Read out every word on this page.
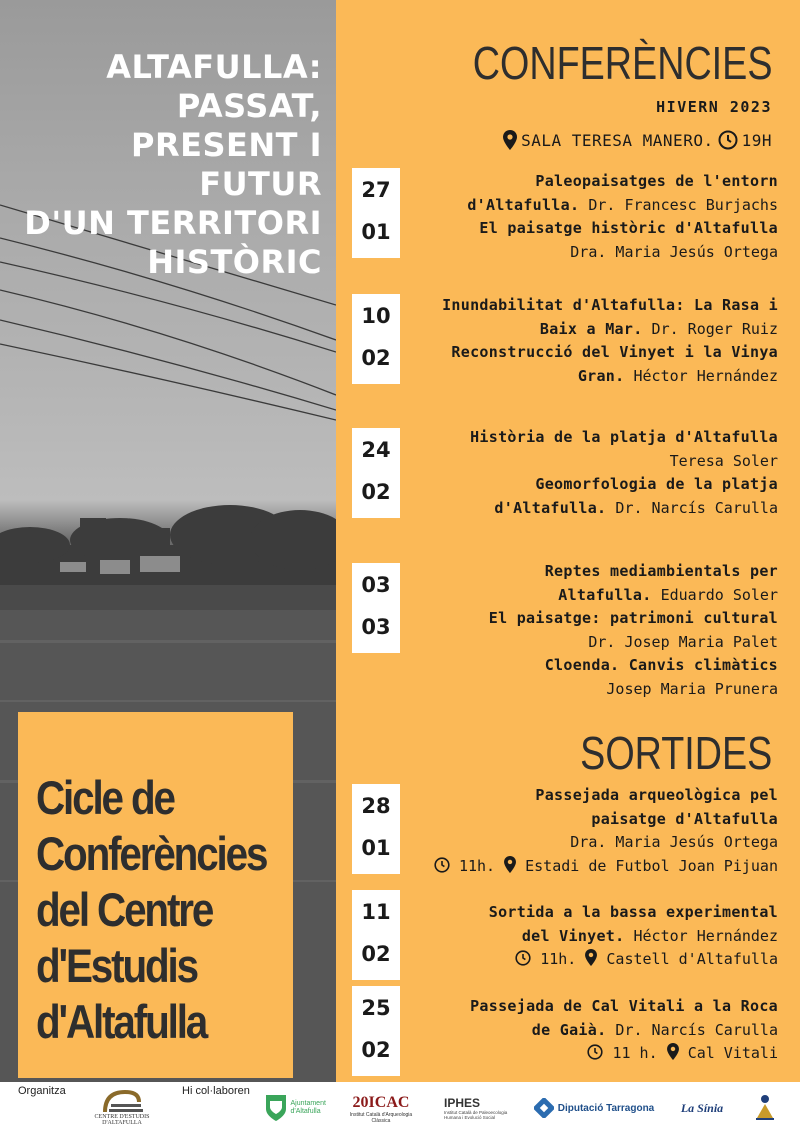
ALTAFULLA: PASSAT,
PRESENT I FUTUR
D'UN TERRITORI
HISTÒRIC
Cicle de
Conferències
del Centre
d'Estudis
d'Altafulla
CONFERÈNCIES
HIVERN 2023
SALA TERESA MANERO. 19H
SORTIDES
27
01
10
02
24
02
03
03
28
01
11
02
25
02
Paleopaisatges de l'entorn
d'Altafulla. Dr. Francesc Burjachs
El paisatge històric d'Altafulla
Dra. Maria Jesús Ortega
Inundabilitat d'Altafulla: La Rasa i
Baix a Mar. Dr. Roger Ruiz
Reconstrucció del Vinyet i la Vinya
Gran. Héctor Hernández
Història de la platja d'Altafulla
Teresa Soler
Geomorfologia de la platja
d'Altafulla. Dr. Narcís Carulla
Reptes mediambientals per
Altafulla. Eduardo Soler
El paisatge: patrimoni cultural
Dr. Josep Maria Palet
Cloenda. Canvis climàtics
Josep Maria Prunera
Passejada arqueològica pel
paisatge d'Altafulla
Dra. Maria Jesús Ortega
11h. Estadi de Futbol Joan Pijuan
Sortida a la bassa experimental
del Vinyet. Héctor Hernández
11h. Castell d'Altafulla
Passejada de Cal Vitali a la Roca
de Gaià. Dr. Narcís Carulla
11 h. Cal Vitali
Organitza	Hi col·laboren
CENTRE D'ESTUDIS D'ALTAFULLA
Ajuntament d'Altafulla
20ICAC
Institut Català d'Arqueologia Clàssica
IPHES
Institut Català de Paleoecologia Humana i Evolució Social
Diputació Tarragona La Sínia
